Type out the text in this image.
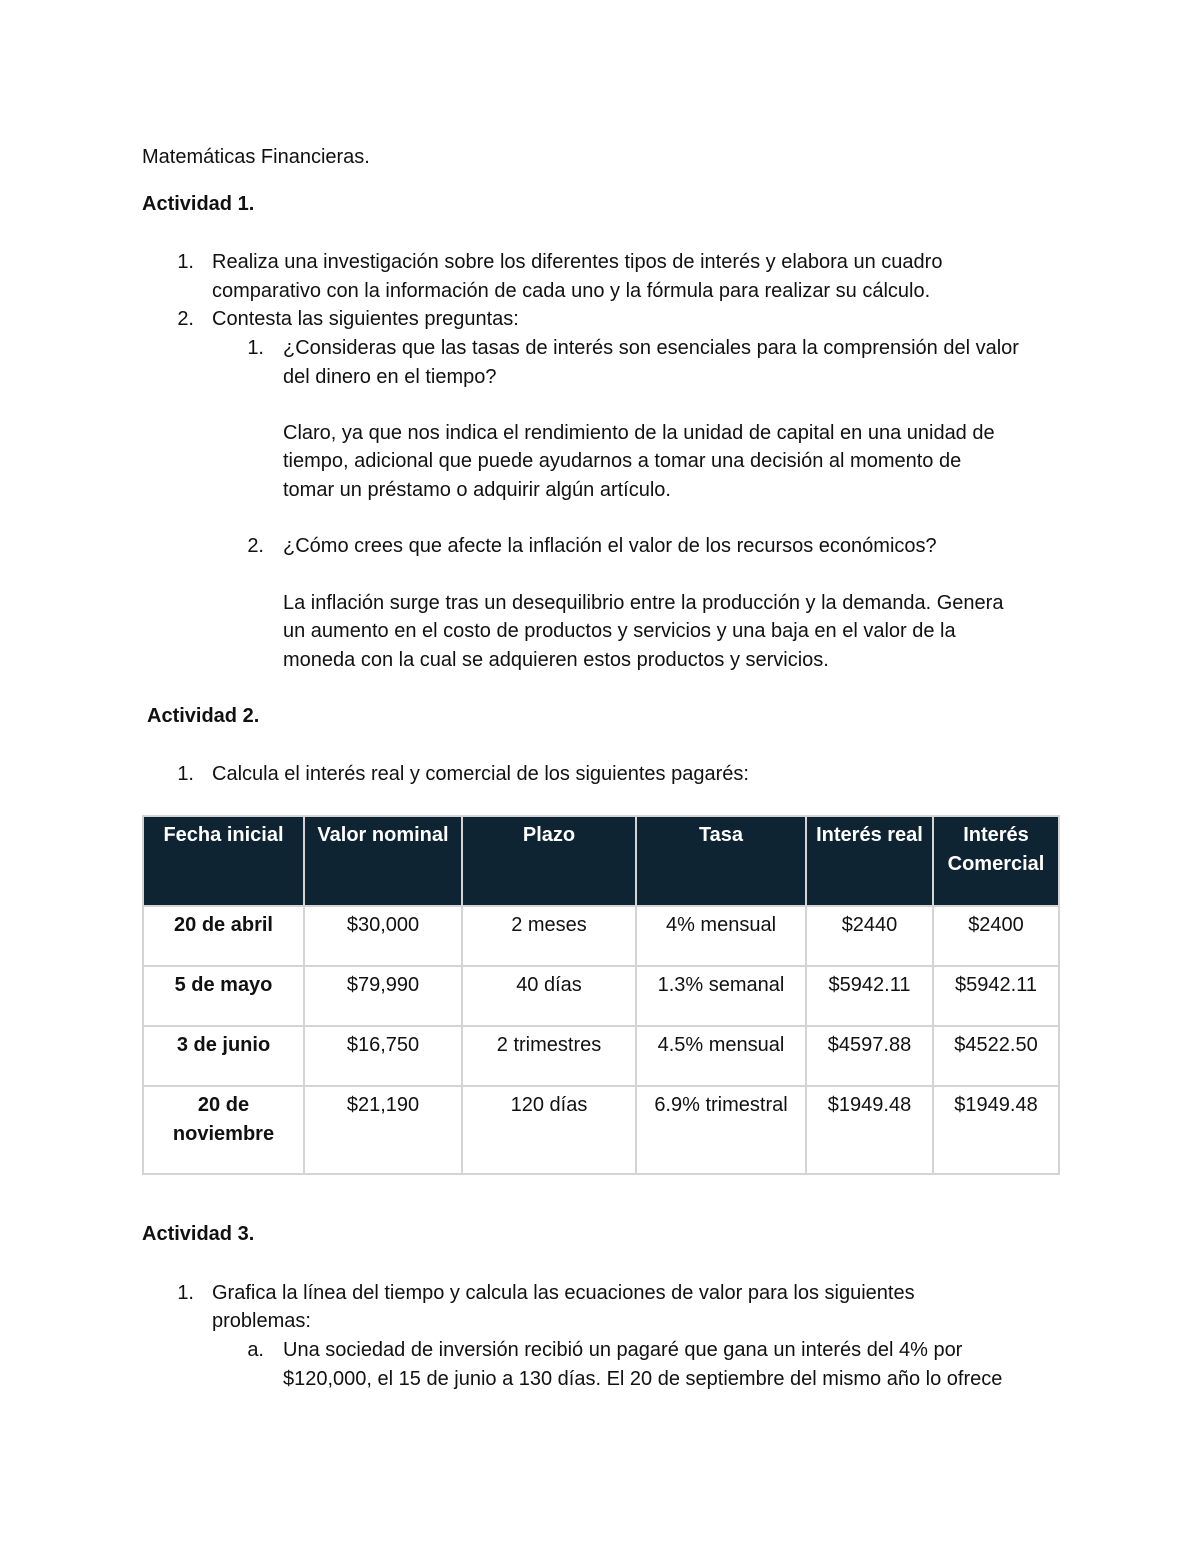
Matemáticas Financieras.
Actividad 1.
1. Realiza una investigación sobre los diferentes tipos de interés y elabora un cuadro
comparativo con la información de cada uno y la fórmula para realizar su cálculo.
2. Contesta las siguientes preguntas:
1. ¿Consideras que las tasas de interés son esenciales para la comprensión del valor
del dinero en el tiempo?
Claro, ya que nos indica el rendimiento de la unidad de capital en una unidad de
tiempo, adicional que puede ayudarnos a tomar una decisión al momento de
tomar un préstamo o adquirir algún artículo.
2. ¿Cómo crees que afecte la inflación el valor de los recursos económicos?
La inflación surge tras un desequilibrio entre la producción y la demanda. Genera
un aumento en el costo de productos y servicios y una baja en el valor de la
moneda con la cual se adquieren estos productos y servicios.
Actividad 2.
1. Calcula el interés real y comercial de los siguientes pagarés:
Fecha inicial	Valor nominal	Plazo	Tasa	Interés real	Interés Comercial
20 de abril	$30,000	2 meses	4% mensual	$2440	$2400
5 de mayo	$79,990	40 días	1.3% semanal	$5942.11	$5942.11
3 de junio	$16,750	2 trimestres	4.5% mensual	$4597.88	$4522.50
20 de noviembre	$21,190	120 días	6.9% trimestral	$1949.48	$1949.48
Actividad 3.
1. Grafica la línea del tiempo y calcula las ecuaciones de valor para los siguientes
problemas:
a. Una sociedad de inversión recibió un pagaré que gana un interés del 4% por
$120,000, el 15 de junio a 130 días. El 20 de septiembre del mismo año lo ofrece
